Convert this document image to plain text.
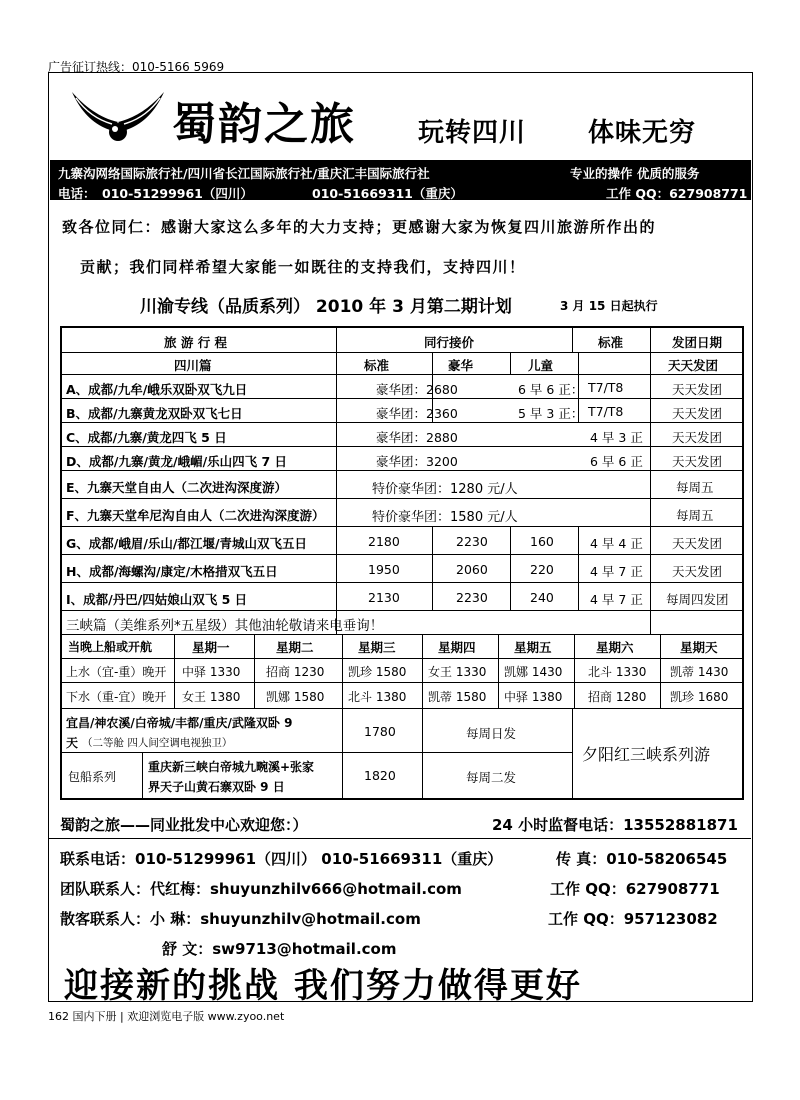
广告征订热线：010-5166 5969
蜀韵之旅 玩转四川 体味无穷
九寨沟网络国际旅行社/四川省长江国际旅行社/重庆汇丰国际旅行社	专业的操作 优质的服务
电话： 010-51299961（四川）	010-51669311（重庆）	工作 QQ：627908771
致各位同仁：感谢大家这么多年的大力支持；更感谢大家为恢复四川旅游所作出的
贡献；我们同样希望大家能一如既往的支持我们，支持四川！
川渝专线（品质系列） 2010 年 3 月第二期计划	3 月 15 日起执行
旅 游 行 程	同行接价	标准	发团日期
四川篇	标准	豪华	儿童	天天发团
A、成都/九牟/峨乐双卧双飞九日	豪华团：2680	6 早 6 正： T7/T8	天天发团
B、成都/九寨黄龙双卧双飞七日	豪华团：2360	5 早 3 正： T7/T8	天天发团
C、成都/九寨/黄龙四飞 5 日	豪华团：2880	4 早 3 正 天天发团
D、成都/九寨/黄龙/峨嵋/乐山四飞 7 日	豪华团：3200	6 早 6 正 天天发团
E、九寨天堂自由人（二次进沟深度游）	特价豪华团：1280 元/人	每周五
F、九寨天堂牟尼沟自由人（二次进沟深度游）	特价豪华团：1580 元/人	每周五
G、成都/峨眉/乐山/都江堰/青城山双飞五日	2180	2230	160	4 早 4 正 天天发团
H、成都/海螺沟/康定/木格措双飞五日	1950	2060	220	4 早 7 正 天天发团
I、成都/丹巴/四姑娘山双飞 5 日	2130	2230	240	4 早 7 正 每周四发团
三峡篇（美维系列*五星级）其他油轮敬请来电垂询！
当晚上船或开航	星期一	星期二	星期三	星期四	星期五	星期六	星期天
上水（宜-重）晚开 中驿 1330 招商 1230 凯珍 1580 女王 1330 凯娜 1430 北斗 1330 凯蒂 1430
下水（重-宜）晚开 女王 1380 凯娜 1580 北斗 1380 凯蒂 1580 中驿 1380 招商 1280 凯珍 1680
宜昌/神农溪/白帝城/丰都/重庆/武隆双卧 9
天 （二等舱 四人间空调电视独卫）
1780	每周日发
包船系列
重庆新三峡白帝城九畹溪+张家
界天子山黄石寨双卧 9 日
1820	每周二发
夕阳红三峡系列游
蜀韵之旅——同业批发中心欢迎您：）	24 小时监督电话：13552881871
联系电话：010-51299961（四川） 010-51669311（重庆）	传 真：010-58206545
团队联系人：代红梅：shuyunzhilv666@hotmail.com	工作 QQ：627908771
散客联系人：小 琳：shuyunzhilv@hotmail.com	工作 QQ：957123082
舒 文：sw9713@hotmail.com
迎接新的挑战 我们努力做得更好
162 国内下册 | 欢迎浏览电子版 www.zyoo.net
